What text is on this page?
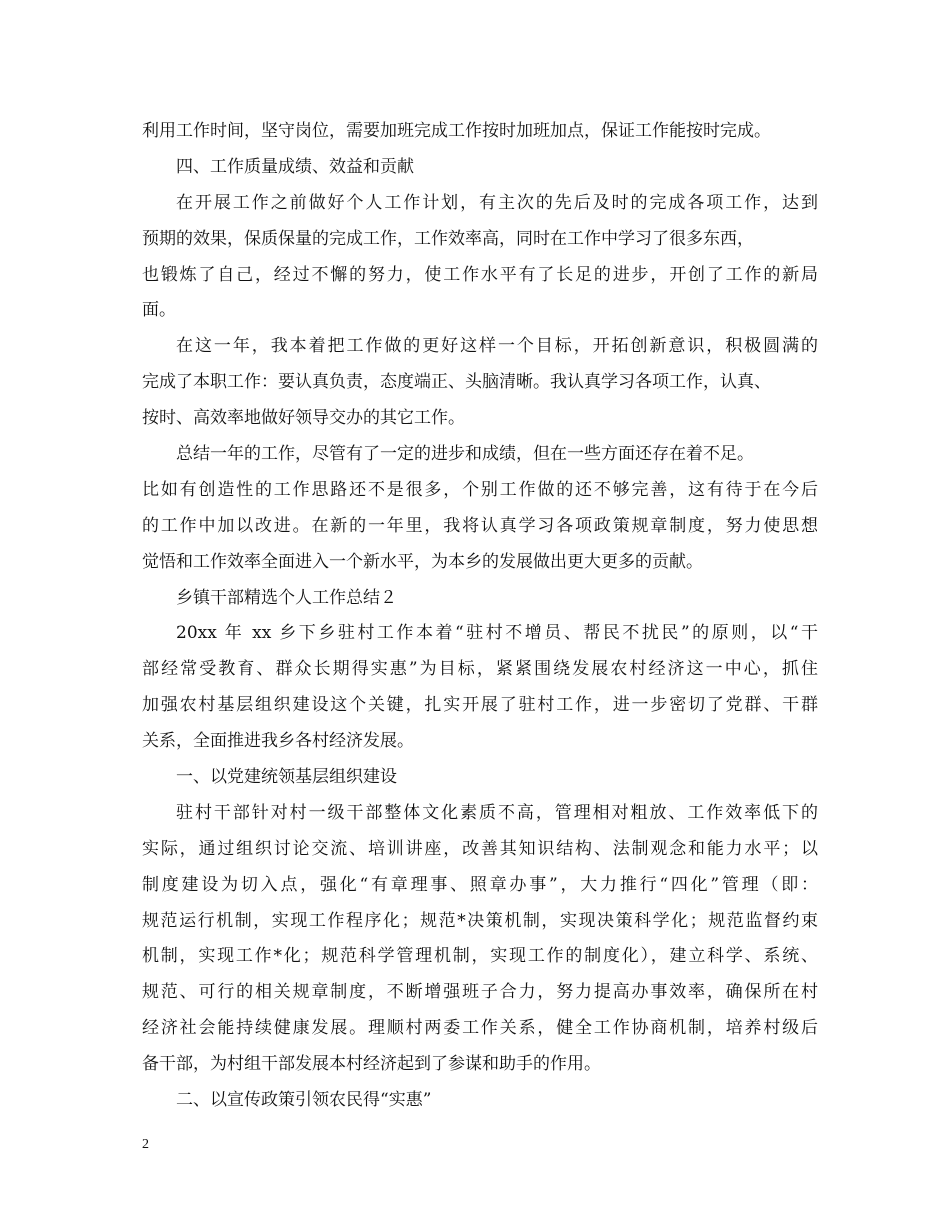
利用工作时间，坚守岗位，需要加班完成工作按时加班加点，保证工作能按时完成。
四、工作质量成绩、效益和贡献
在开展工作之前做好个人工作计划，有主次的先后及时的完成各项工作，达到
预期的效果，保质保量的完成工作，工作效率高，同时在工作中学习了很多东西，
也锻炼了自己，经过不懈的努力，使工作水平有了长足的进步，开创了工作的新局
面。
在这一年，我本着把工作做的更好这样一个目标，开拓创新意识，积极圆满的
完成了本职工作：要认真负责，态度端正、头脑清晰。我认真学习各项工作，认真、
按时、高效率地做好领导交办的其它工作。
总结一年的工作，尽管有了一定的进步和成绩，但在一些方面还存在着不足。
比如有创造性的工作思路还不是很多，个别工作做的还不够完善，这有待于在今后
的工作中加以改进。在新的一年里，我将认真学习各项政策规章制度，努力使思想
觉悟和工作效率全面进入一个新水平，为本乡的发展做出更大更多的贡献。
乡镇干部精选个人工作总结２
20xx 年 xx 乡下乡驻村工作本着“驻村不增员、帮民不扰民”的原则，以“干
部经常受教育、群众长期得实惠”为目标，紧紧围绕发展农村经济这一中心，抓住
加强农村基层组织建设这个关键，扎实开展了驻村工作，进一步密切了党群、干群
关系，全面推进我乡各村经济发展。
一、以党建统领基层组织建设
驻村干部针对村一级干部整体文化素质不高，管理相对粗放、工作效率低下的
实际，通过组织讨论交流、培训讲座，改善其知识结构、法制观念和能力水平；以
制度建设为切入点，强化“有章理事、照章办事”，大力推行“四化”管理（即：
规范运行机制，实现工作程序化；规范*决策机制，实现决策科学化；规范监督约束
机制，实现工作*化；规范科学管理机制，实现工作的制度化），建立科学、系统、
规范、可行的相关规章制度，不断增强班子合力，努力提高办事效率，确保所在村
经济社会能持续健康发展。理顺村两委工作关系，健全工作协商机制，培养村级后
备干部，为村组干部发展本村经济起到了参谋和助手的作用。
二、以宣传政策引领农民得“实惠”
2
